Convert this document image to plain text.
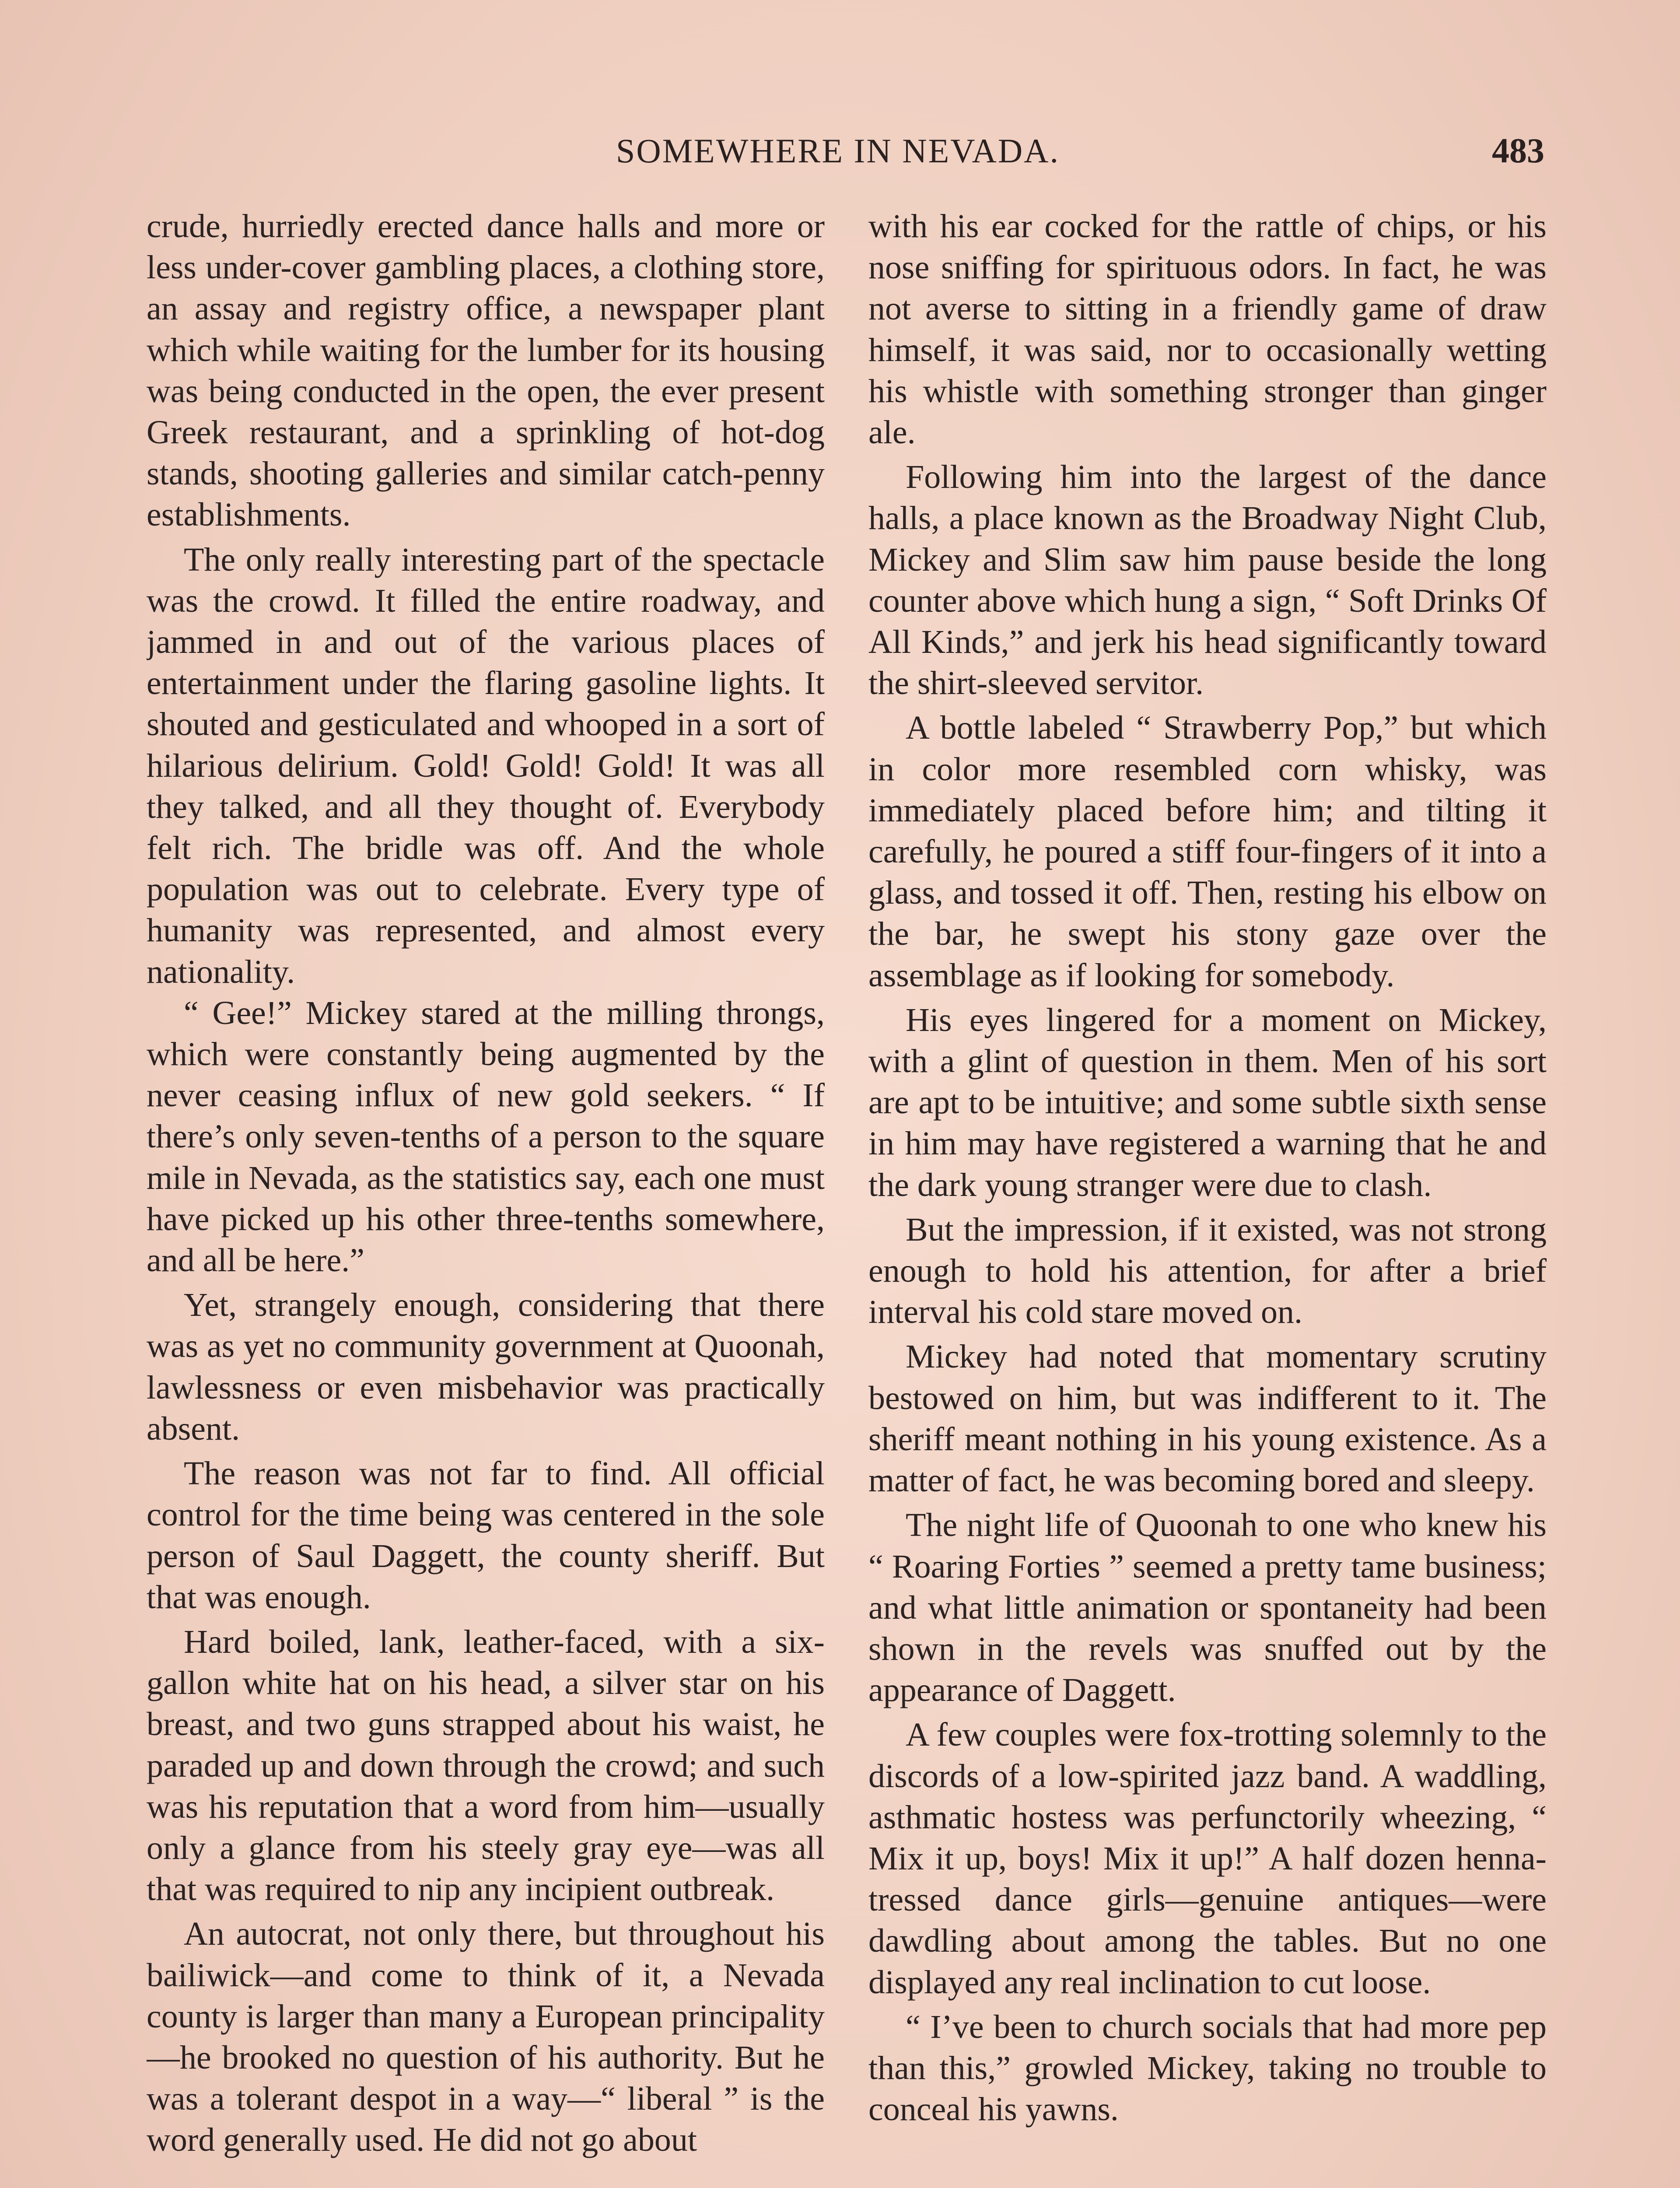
SOMEWHERE IN NEVADA.	483

crude, hurriedly erected dance halls and more or less under-cover gambling places, a clothing store, an assay and registry office, a newspaper plant which while waiting for the lumber for its housing was being conducted in the open, the ever present Greek restaurant, and a sprinkling of hot-dog stands, shooting galleries and similar catch-penny establishments.

The only really interesting part of the spectacle was the crowd. It filled the entire roadway, and jammed in and out of the various places of entertainment under the flaring gasoline lights. It shouted and gesticulated and whooped in a sort of hilarious delirium. Gold! Gold! Gold! It was all they talked, and all they thought of. Everybody felt rich. The bridle was off. And the whole population was out to celebrate. Every type of humanity was represented, and almost every nationality.

“ Gee!” Mickey stared at the milling throngs, which were constantly being augmented by the never ceasing influx of new gold seekers. “ If there’s only seven-tenths of a person to the square mile in Nevada, as the statistics say, each one must have picked up his other three-tenths somewhere, and all be here.”

Yet, strangely enough, considering that there was as yet no community government at Quoonah, lawlessness or even misbehavior was practically absent.

The reason was not far to find. All official control for the time being was centered in the sole person of Saul Daggett, the county sheriff. But that was enough.

Hard boiled, lank, leather-faced, with a six-gallon white hat on his head, a silver star on his breast, and two guns strapped about his waist, he paraded up and down through the crowd; and such was his reputation that a word from him—usually only a glance from his steely gray eye—was all that was required to nip any incipient outbreak.

An autocrat, not only there, but throughout his bailiwick—and come to think of it, a Nevada county is larger than many a European principality—he brooked no question of his authority. But he was a tolerant despot in a way—“ liberal ” is the word generally used. He did not go about

with his ear cocked for the rattle of chips, or his nose sniffing for spirituous odors. In fact, he was not averse to sitting in a friendly game of draw himself, it was said, nor to occasionally wetting his whistle with something stronger than ginger ale.

Following him into the largest of the dance halls, a place known as the Broadway Night Club, Mickey and Slim saw him pause beside the long counter above which hung a sign, “ Soft Drinks Of All Kinds,” and jerk his head significantly toward the shirt-sleeved servitor.

A bottle labeled “ Strawberry Pop,” but which in color more resembled corn whisky, was immediately placed before him; and tilting it carefully, he poured a stiff four-fingers of it into a glass, and tossed it off. Then, resting his elbow on the bar, he swept his stony gaze over the assemblage as if looking for somebody.

His eyes lingered for a moment on Mickey, with a glint of question in them. Men of his sort are apt to be intuitive; and some subtle sixth sense in him may have registered a warning that he and the dark young stranger were due to clash.

But the impression, if it existed, was not strong enough to hold his attention, for after a brief interval his cold stare moved on.

Mickey had noted that momentary scrutiny bestowed on him, but was indifferent to it. The sheriff meant nothing in his young existence. As a matter of fact, he was becoming bored and sleepy.

The night life of Quoonah to one who knew his “ Roaring Forties ” seemed a pretty tame business; and what little animation or spontaneity had been shown in the revels was snuffed out by the appearance of Daggett.

A few couples were fox-trotting solemnly to the discords of a low-spirited jazz band. A waddling, asthmatic hostess was perfunctorily wheezing, “ Mix it up, boys! Mix it up!” A half dozen henna-tressed dance girls—genuine antiques—were dawdling about among the tables. But no one displayed any real inclination to cut loose.

“ I’ve been to church socials that had more pep than this,” growled Mickey, taking no trouble to conceal his yawns.
